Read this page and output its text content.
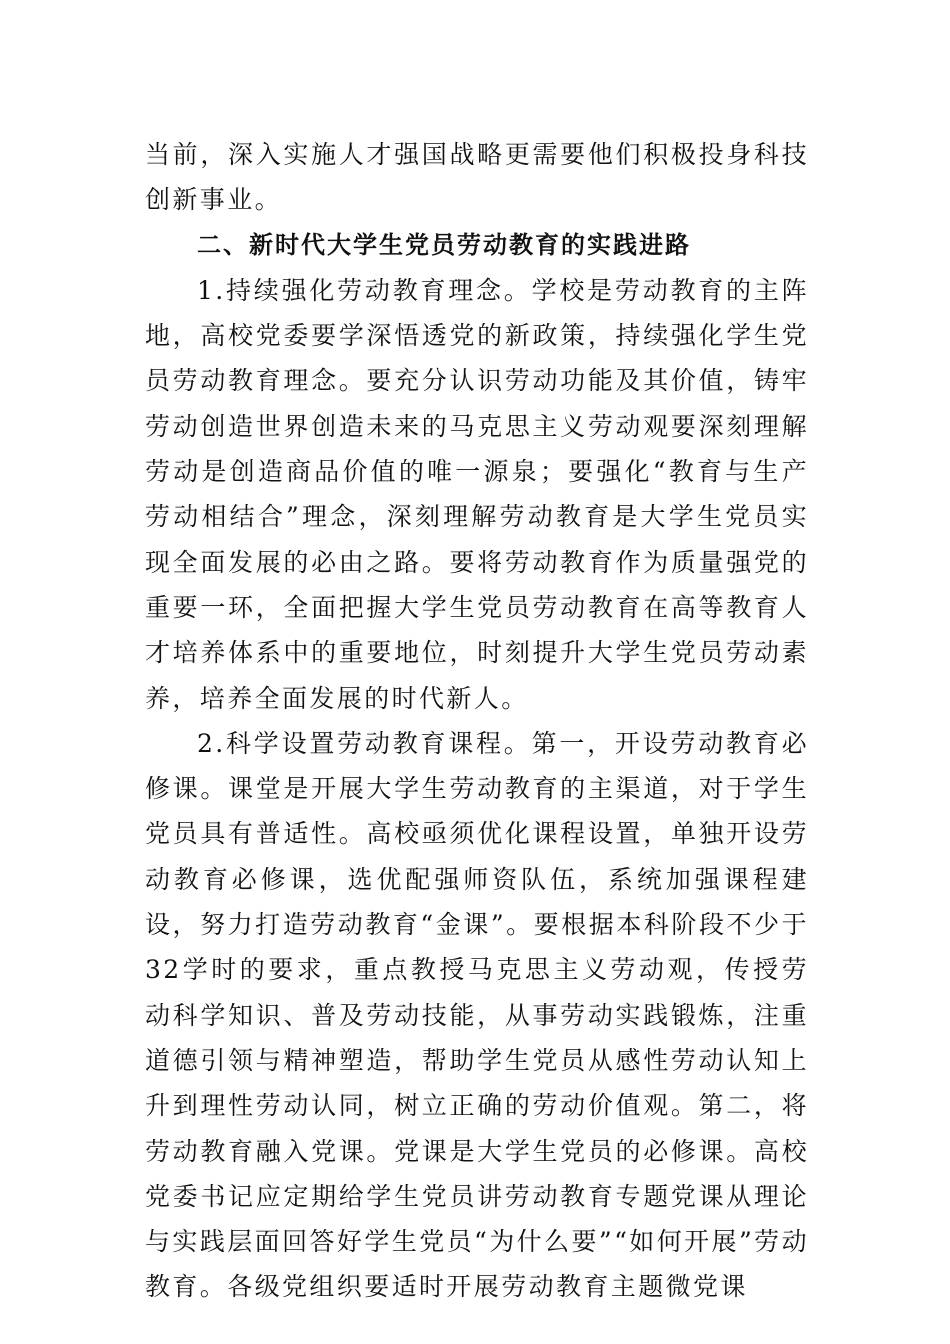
当前，深入实施人才强国战略更需要他们积极投身科技创新事业。

二、新时代大学生党员劳动教育的实践进路

1.持续强化劳动教育理念。学校是劳动教育的主阵地，高校党委要学深悟透党的新政策，持续强化学生党员劳动教育理念。要充分认识劳动功能及其价值，铸牢劳动创造世界创造未来的马克思主义劳动观要深刻理解劳动是创造商品价值的唯一源泉；要强化“教育与生产劳动相结合”理念，深刻理解劳动教育是大学生党员实现全面发展的必由之路。要将劳动教育作为质量强党的重要一环，全面把握大学生党员劳动教育在高等教育人才培养体系中的重要地位，时刻提升大学生党员劳动素养，培养全面发展的时代新人。

2.科学设置劳动教育课程。第一，开设劳动教育必修课。课堂是开展大学生劳动教育的主渠道，对于学生党员具有普适性。高校亟须优化课程设置，单独开设劳动教育必修课，选优配强师资队伍，系统加强课程建设，努力打造劳动教育“金课”。要根据本科阶段不少于32学时的要求，重点教授马克思主义劳动观，传授劳动科学知识、普及劳动技能，从事劳动实践锻炼，注重道德引领与精神塑造，帮助学生党员从感性劳动认知上升到理性劳动认同，树立正确的劳动价值观。第二，将劳动教育融入党课。党课是大学生党员的必修课。高校党委书记应定期给学生党员讲劳动教育专题党课从理论与实践层面回答好学生党员“为什么要”“如何开展”劳动教育。各级党组织要适时开展劳动教育主题微党课
